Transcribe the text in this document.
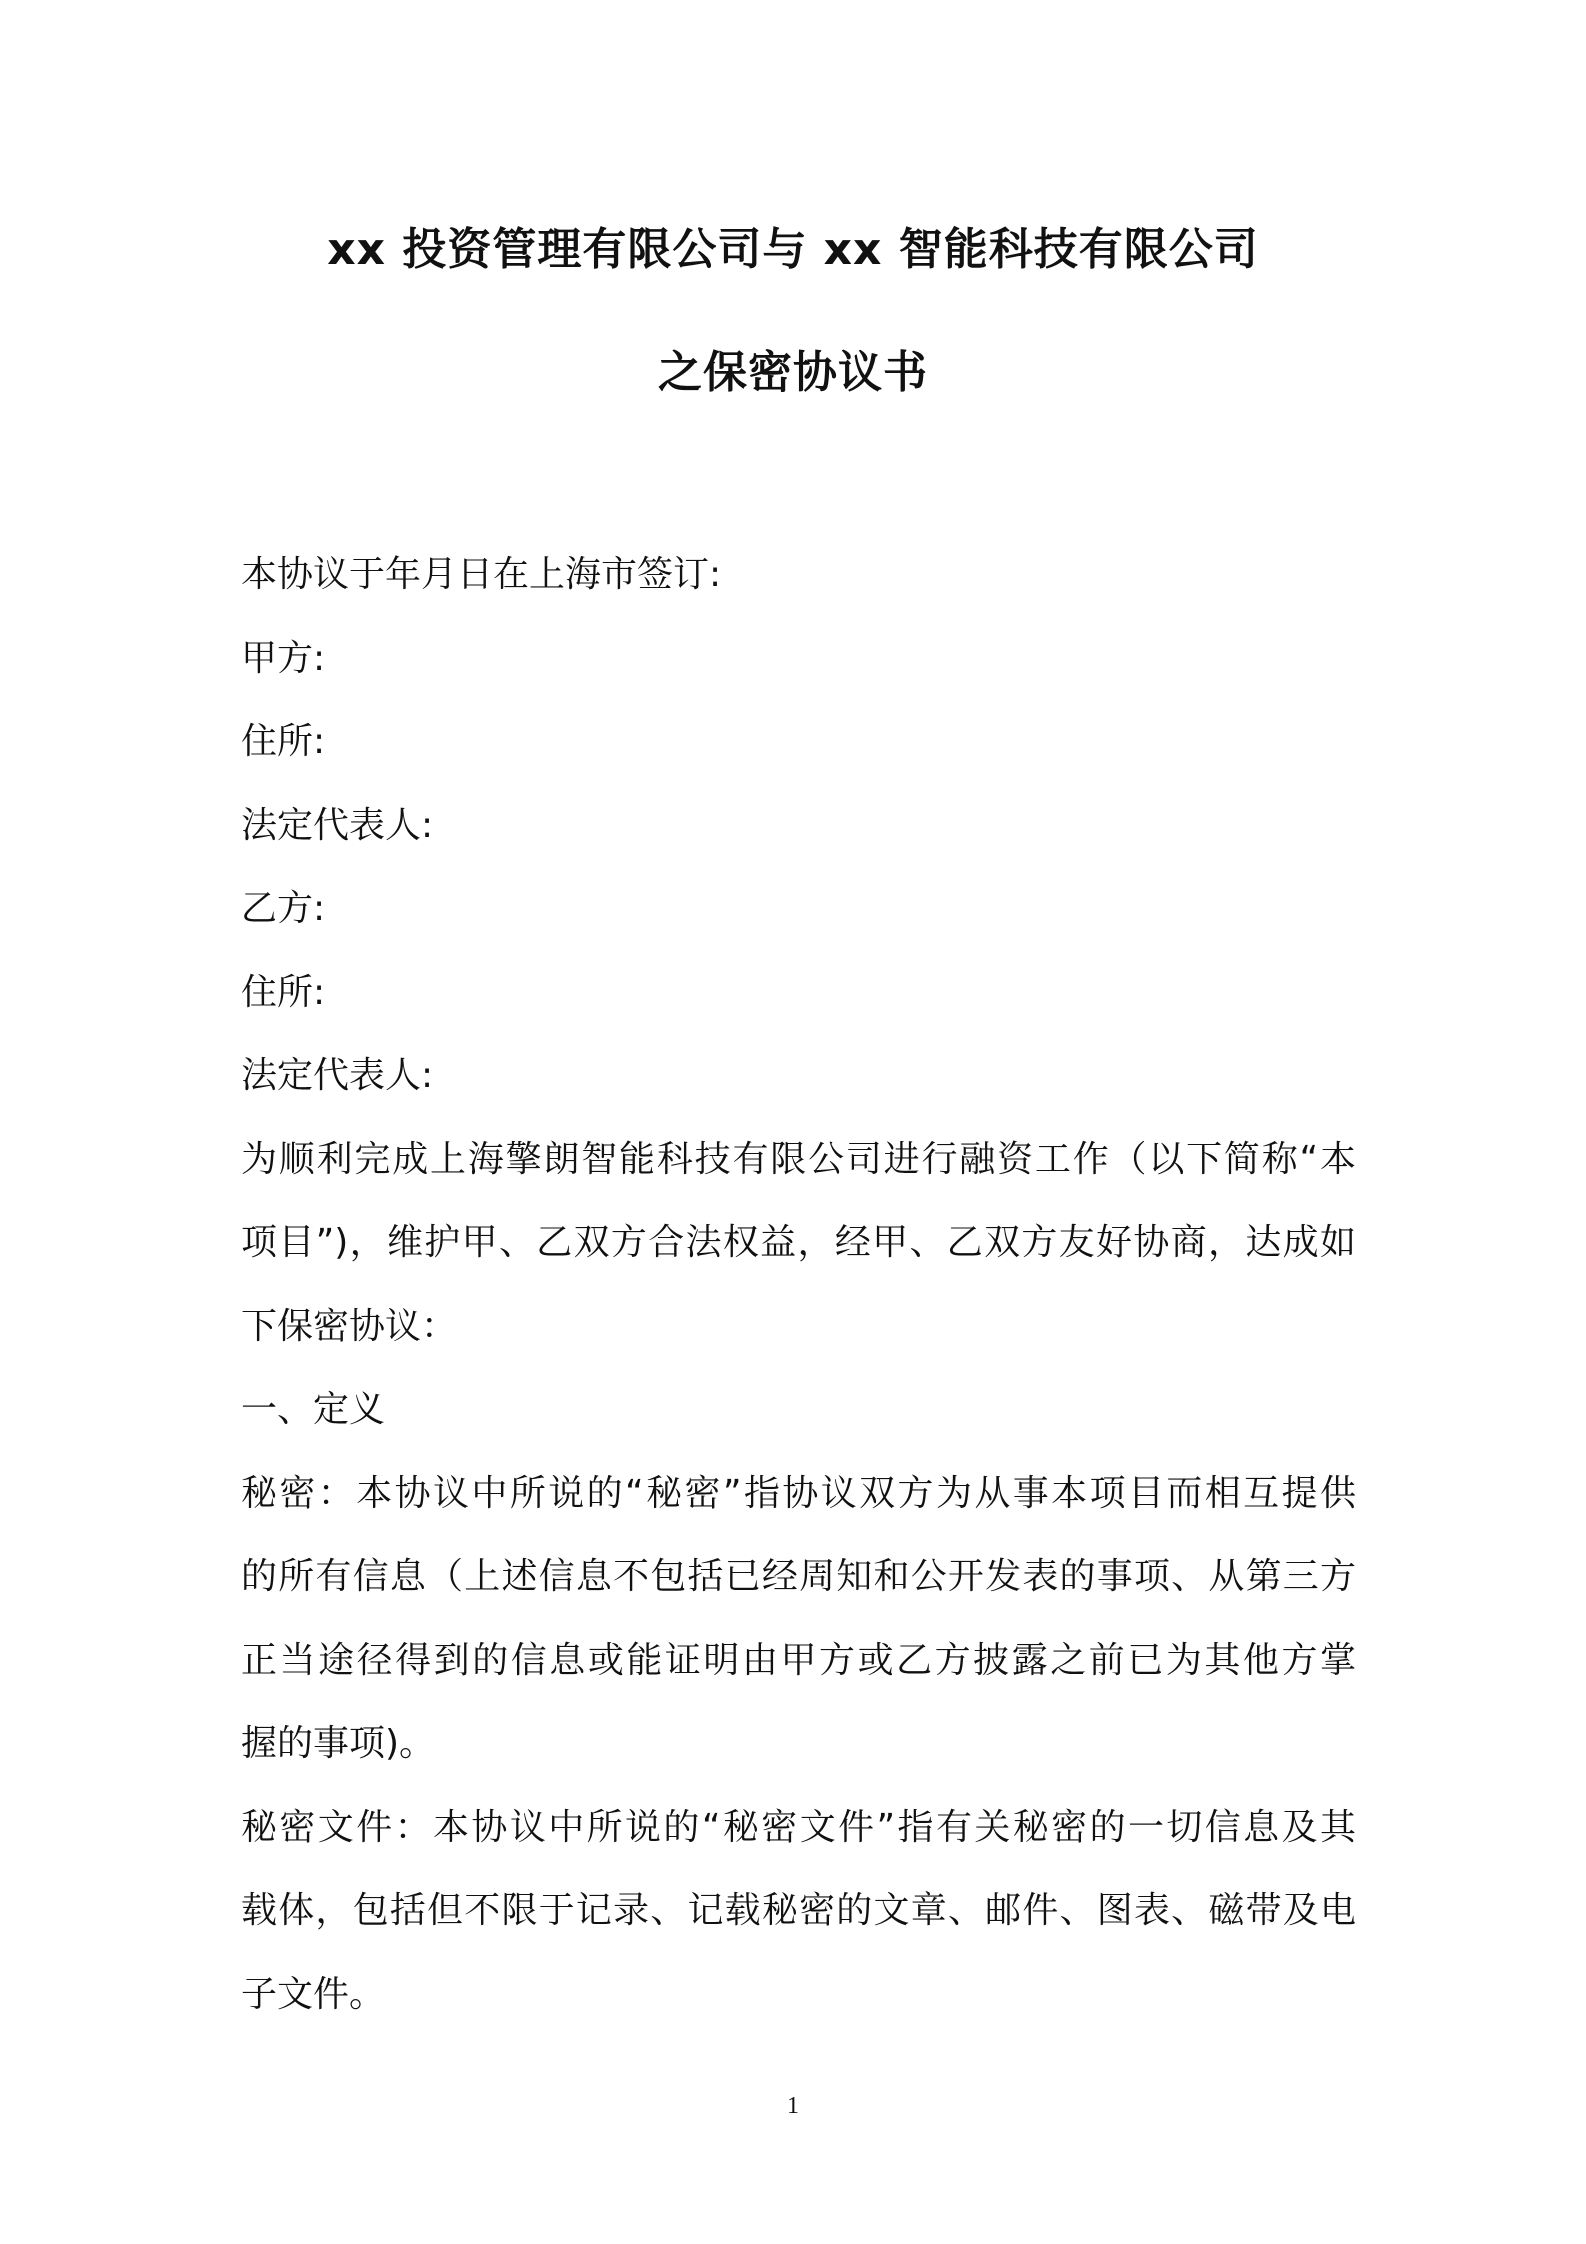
xx 投资管理有限公司与 xx 智能科技有限公司
之保密协议书
本协议于年月日在上海市签订:
甲方:
住所:
法定代表人:
乙方:
住所:
法定代表人:
为顺利完成上海擎朗智能科技有限公司进行融资工作（以下简称“本
项目”)，维护甲、乙双方合法权益，经甲、乙双方友好协商，达成如
下保密协议：
一、定义
秘密：本协议中所说的“秘密”指协议双方为从事本项目而相互提供
的所有信息（上述信息不包括已经周知和公开发表的事项、从第三方
正当途径得到的信息或能证明由甲方或乙方披露之前已为其他方掌
握的事项)。
秘密文件：本协议中所说的“秘密文件”指有关秘密的一切信息及其
载体，包括但不限于记录、记载秘密的文章、邮件、图表、磁带及电
子文件。
1
